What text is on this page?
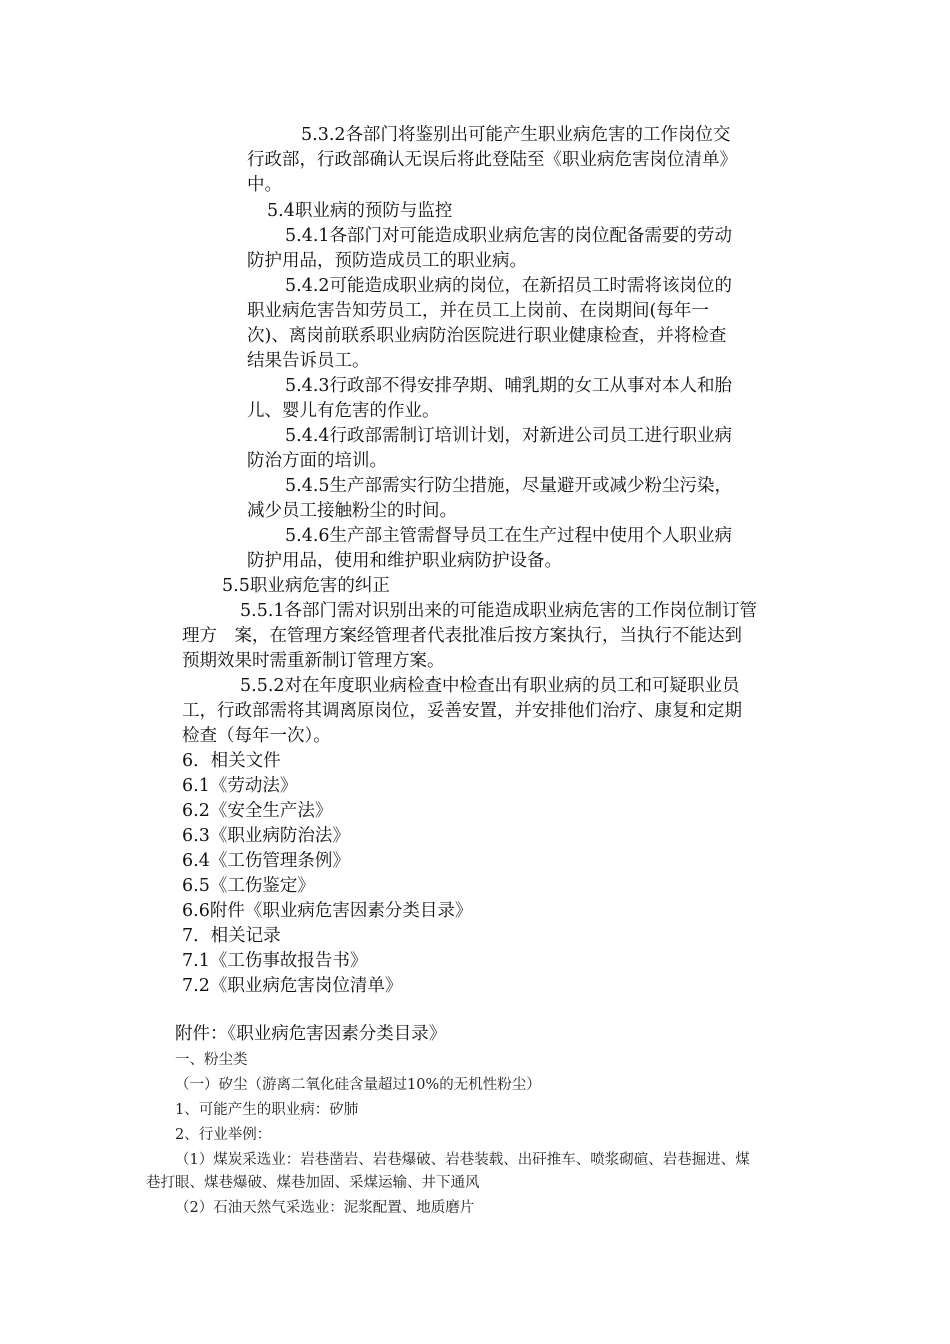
5.3.2各部门将鉴别出可能产生职业病危害的工作岗位交
行政部，行政部确认无误后将此登陆至《职业病危害岗位清单》
中。
5.4职业病的预防与监控
5.4.1各部门对可能造成职业病危害的岗位配备需要的劳动
防护用品，预防造成员工的职业病。
5.4.2可能造成职业病的岗位，在新招员工时需将该岗位的
职业病危害告知劳员工，并在员工上岗前、在岗期间(每年一
次)、离岗前联系职业病防治医院进行职业健康检查，并将检查
结果告诉员工。
5.4.3行政部不得安排孕期、哺乳期的女工从事对本人和胎
儿、婴儿有危害的作业。
5.4.4行政部需制订培训计划，对新进公司员工进行职业病
防治方面的培训。
5.4.5生产部需实行防尘措施，尽量避开或减少粉尘污染，
减少员工接触粉尘的时间。
5.4.6生产部主管需督导员工在生产过程中使用个人职业病
防护用品，使用和维护职业病防护设备。
5.5职业病危害的纠正
5.5.1各部门需对识别出来的可能造成职业病危害的工作岗位制订管
理方　案，在管理方案经管理者代表批准后按方案执行，当执行不能达到
预期效果时需重新制订管理方案。
5.5.2对在年度职业病检查中检查出有职业病的员工和可疑职业员
工，行政部需将其调离原岗位，妥善安置，并安排他们治疗、康复和定期
检查（每年一次）。
6．相关文件
6.1《劳动法》
6.2《安全生产法》
6.3《职业病防治法》
6.4《工伤管理条例》
6.5《工伤鉴定》
6.6附件《职业病危害因素分类目录》
7．相关记录
7.1《工伤事故报告书》
7.2《职业病危害岗位清单》
附件：《职业病危害因素分类目录》
一、粉尘类
（一）矽尘（游离二氧化硅含量超过10%的无机性粉尘）
1、可能产生的职业病：矽肺
2、行业举例：
（1）煤炭采选业：岩巷凿岩、岩巷爆破、岩巷装载、出矸推车、喷浆砌碹、岩巷掘进、煤
巷打眼、煤巷爆破、煤巷加固、采煤运输、井下通风
（2）石油天然气采选业：泥浆配置、地质磨片
